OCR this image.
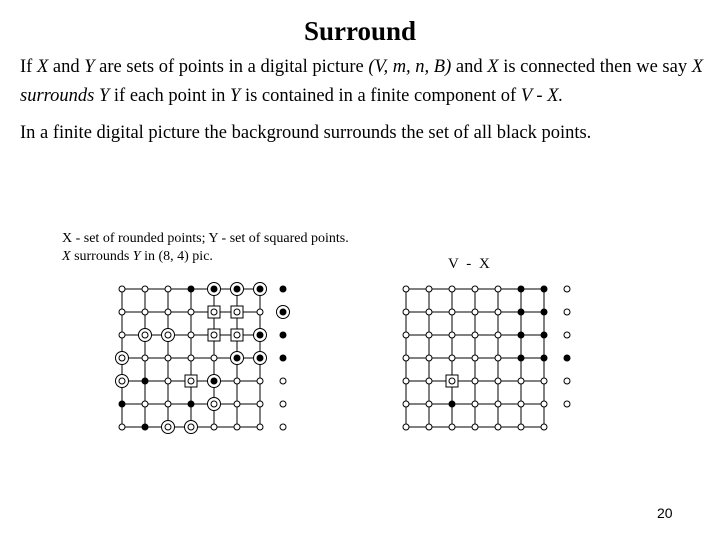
Surround
If X and Y are sets of points in a digital picture (V, m, n, B) and X is connected then we say X surrounds Y if each point in Y is contained in a finite component of V - X.
In a finite digital picture the background surrounds the set of all black points.
X - set of rounded points; Y - set of squared points.
X surrounds Y in (8, 4) pic.	V - X
20
